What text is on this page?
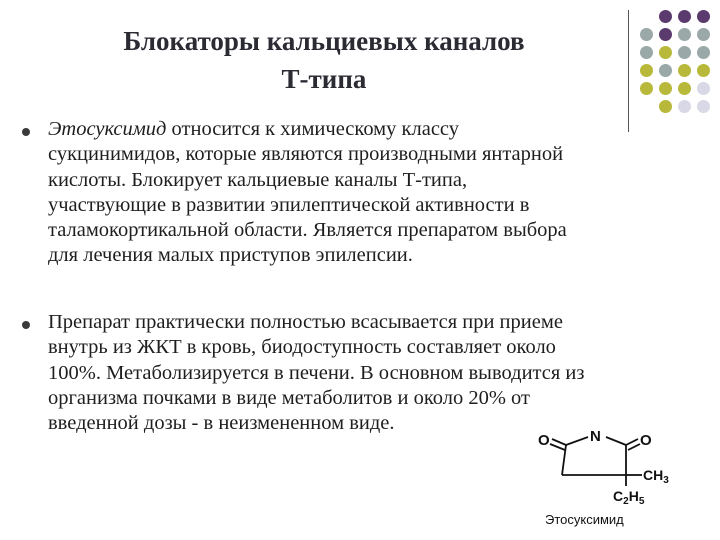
Блокаторы кальциевых каналов
Т-типа
Этосуксимид относится к химическому классу
сукцинимидов, которые являются производными янтарной
кислоты. Блокирует кальциевые каналы Т-типа,
участвующие в развитии эпилептической активности в
таламокортикальной области. Является препаратом выбора
для лечения малых приступов эпилепсии.
Препарат практически полностью всасывается при приеме
внутрь из ЖКТ в кровь, биодоступность составляет около
100%. Метаболизируется в печени. В основном выводится из
организма почками в виде метаболитов и около 20% от
введенной дозы - в неизмененном виде.
O	N	O
$CH_3$
$C_2H_5$
Этосуксимид
